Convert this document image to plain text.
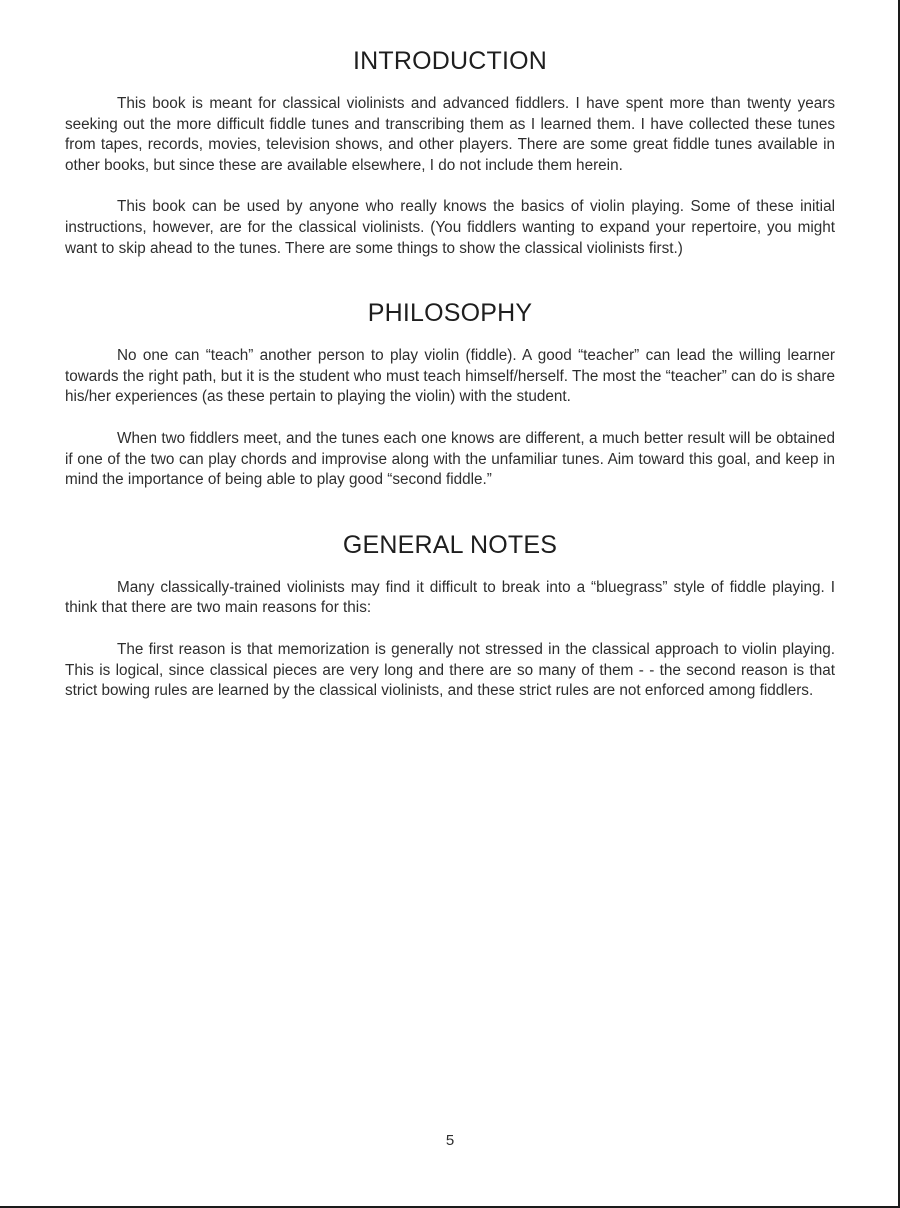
INTRODUCTION

This book is meant for classical violinists and advanced fiddlers. I have spent more than twenty years seeking out the more difficult fiddle tunes and transcribing them as I learned them. I have collected these tunes from tapes, records, movies, television shows, and other players. There are some great fiddle tunes available in other books, but since these are available elsewhere, I do not include them herein.

This book can be used by anyone who really knows the basics of violin playing. Some of these initial instructions, however, are for the classical violinists. (You fiddlers wanting to expand your repertoire, you might want to skip ahead to the tunes. There are some things to show the classical violinists first.)

PHILOSOPHY

No one can “teach” another person to play violin (fiddle). A good “teacher” can lead the willing learner towards the right path, but it is the student who must teach himself/herself. The most the “teacher” can do is share his/her experiences (as these pertain to playing the violin) with the student.

When two fiddlers meet, and the tunes each one knows are different, a much better result will be obtained if one of the two can play chords and improvise along with the unfamiliar tunes. Aim toward this goal, and keep in mind the importance of being able to play good “second fiddle.”

GENERAL NOTES

Many classically-trained violinists may find it difficult to break into a “bluegrass” style of fiddle playing. I think that there are two main reasons for this:

The first reason is that memorization is generally not stressed in the classical approach to violin playing. This is logical, since classical pieces are very long and there are so many of them - - the second reason is that strict bowing rules are learned by the classical violinists, and these strict rules are not enforced among fiddlers.

5
